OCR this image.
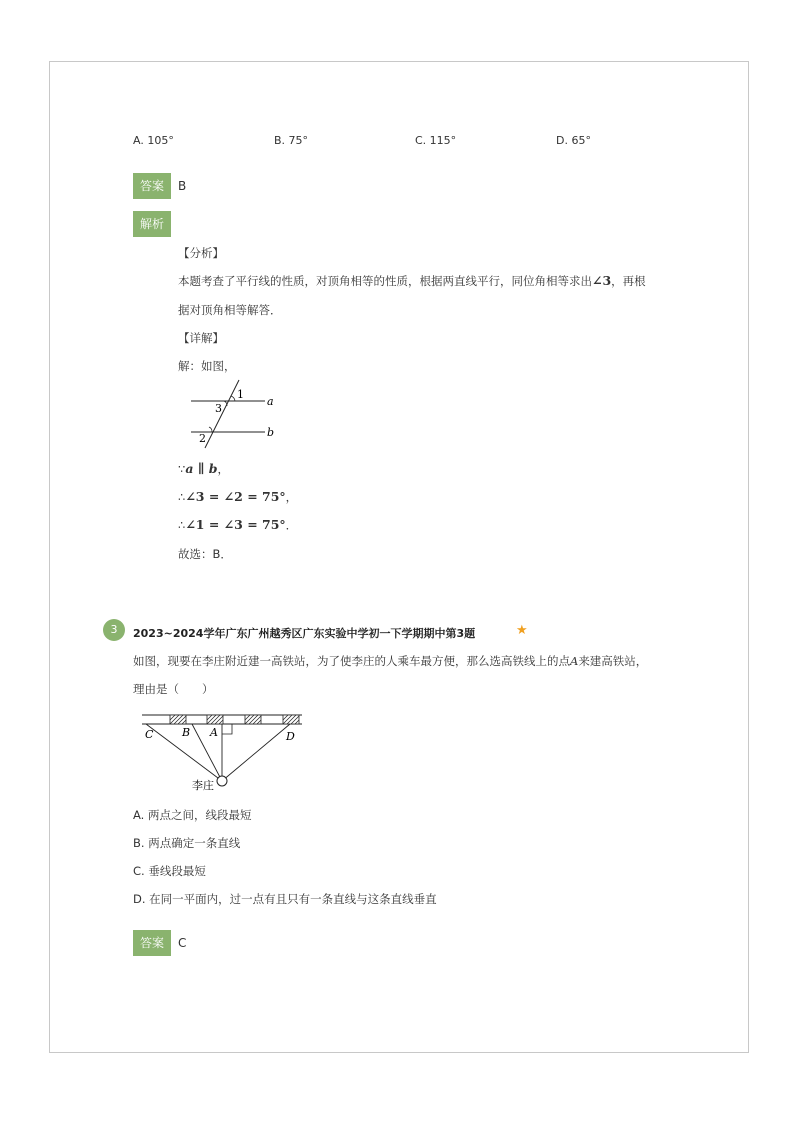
A. 105°	B. 75°	C. 115°	D. 65°
答案	B
解析
【分析】
本题考查了平行线的性质，对顶角相等的性质，根据两直线平行，同位角相等求出∠3，再根
据对顶角相等解答．
【详解】
解：如图，
1
3
2
a
b
∵a ∥ b，
∴∠3 = ∠2 = 75°，
∴∠1 = ∠3 = 75°．
故选：B．
3	2023~2024学年广东广州越秀区广东实验中学初一下学期期中第3题	★
如图，现要在李庄附近建一高铁站，为了使李庄的人乘车最方便，那么选高铁线上的点A来建高铁站，
理由是（　　）
C	B A	D
李庄
A. 两点之间，线段最短
B. 两点确定一条直线
C. 垂线段最短
D. 在同一平面内，过一点有且只有一条直线与这条直线垂直
答案	C
